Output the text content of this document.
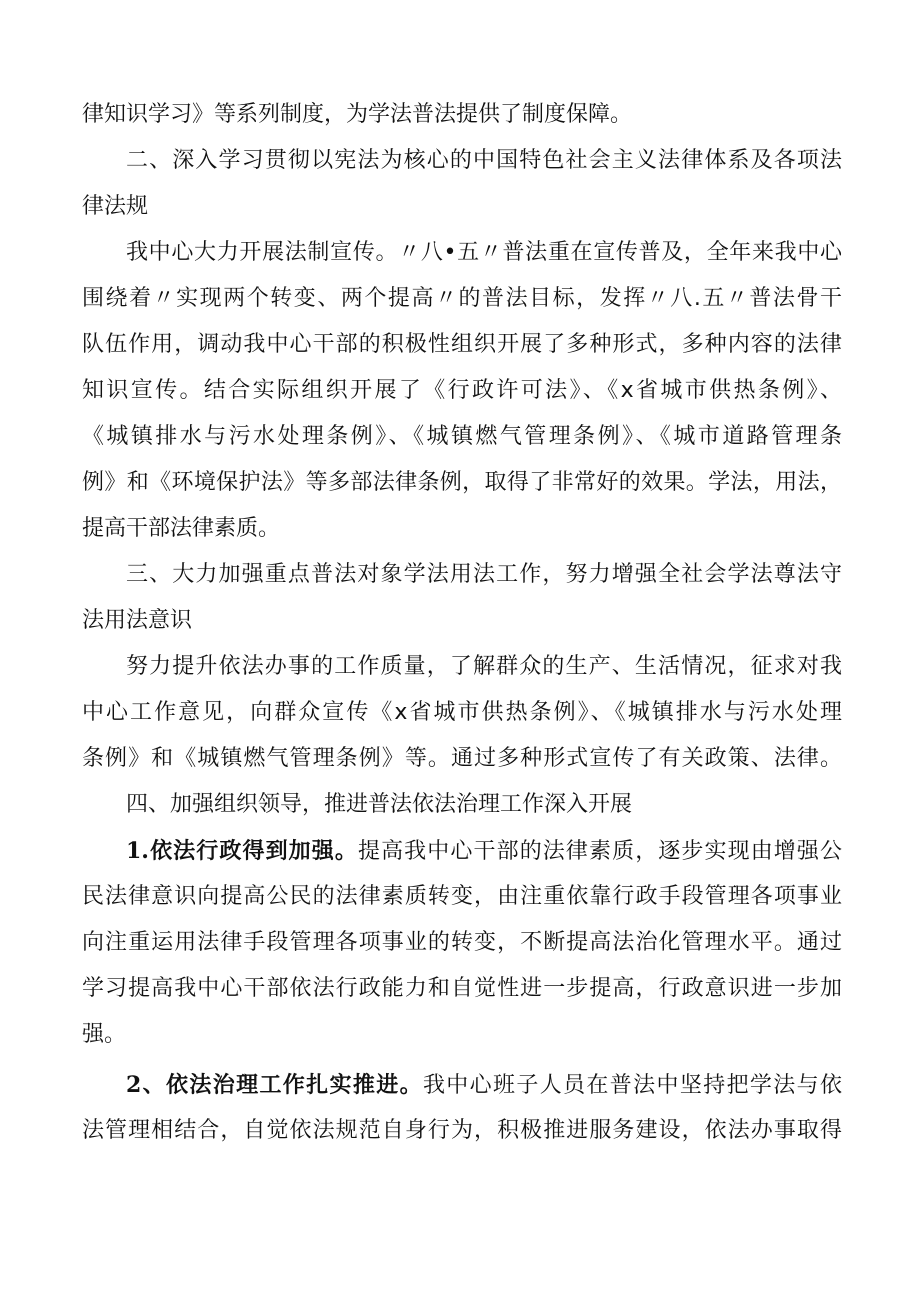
律知识学习》等系列制度，为学法普法提供了制度保障。
二、深入学习贯彻以宪法为核心的中国特色社会主义法律体系及各项法
律法规
我中心大力开展法制宣传。〃八•五〃普法重在宣传普及，全年来我中心
围绕着〃实现两个转变、两个提高〃的普法目标，发挥〃八.五〃普法骨干
队伍作用，调动我中心干部的积极性组织开展了多种形式，多种内容的法律
知识宣传。结合实际组织开展了《行政许可法》、《x省城市供热条例》、
《城镇排水与污水处理条例》、《城镇燃气管理条例》、《城市道路管理条
例》和《环境保护法》等多部法律条例，取得了非常好的效果。学法，用法，
提高干部法律素质。
三、大力加强重点普法对象学法用法工作，努力增强全社会学法尊法守
法用法意识
努力提升依法办事的工作质量，了解群众的生产、生活情况，征求对我
中心工作意见，向群众宣传《x省城市供热条例》、《城镇排水与污水处理
条例》和《城镇燃气管理条例》等。通过多种形式宣传了有关政策、法律。
四、加强组织领导，推进普法依法治理工作深入开展
1.依法行政得到加强。提高我中心干部的法律素质，逐步实现由增强公
民法律意识向提高公民的法律素质转变，由注重依靠行政手段管理各项事业
向注重运用法律手段管理各项事业的转变，不断提高法治化管理水平。通过
学习提高我中心干部依法行政能力和自觉性进一步提高，行政意识进一步加
强。
2、依法治理工作扎实推进。我中心班子人员在普法中坚持把学法与依
法管理相结合，自觉依法规范自身行为，积极推进服务建设，依法办事取得
